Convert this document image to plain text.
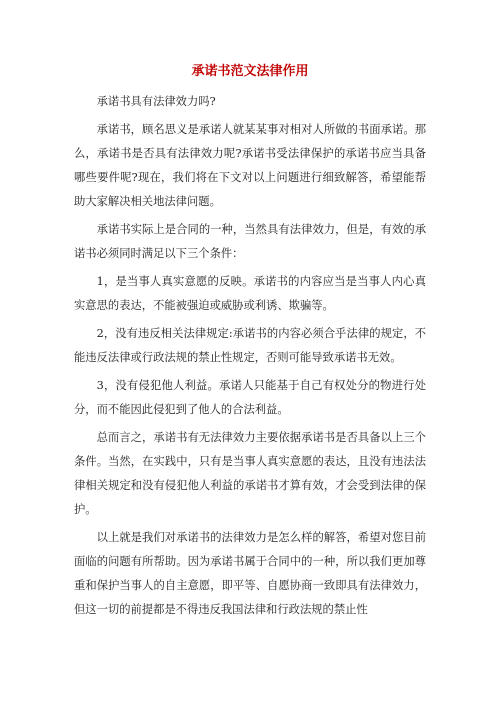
承诺书范文法律作用

承诺书具有法律效力吗?

承诺书，顾名思义是承诺人就某某事对相对人所做的书面承诺。那么，承诺书是否具有法律效力呢?承诺书受法律保护的承诺书应当具备哪些要件呢?现在，我们将在下文对以上问题进行细致解答，希望能帮助大家解决相关地法律问题。

承诺书实际上是合同的一种，当然具有法律效力，但是，有效的承诺书必须同时满足以下三个条件：

1，是当事人真实意愿的反映。承诺书的内容应当是当事人内心真实意思的表达，不能被强迫或威胁或利诱、欺骗等。

2，没有违反相关法律规定:承诺书的内容必须合乎法律的规定，不能违反法律或行政法规的禁止性规定，否则可能导致承诺书无效。

3，没有侵犯他人利益。承诺人只能基于自己有权处分的物进行处分，而不能因此侵犯到了他人的合法利益。

总而言之，承诺书有无法律效力主要依据承诺书是否具备以上三个条件。当然，在实践中，只有是当事人真实意愿的表达，且没有违法法律相关规定和没有侵犯他人利益的承诺书才算有效，才会受到法律的保护。

以上就是我们对承诺书的法律效力是怎么样的解答，希望对您目前面临的问题有所帮助。因为承诺书属于合同中的一种，所以我们更加尊重和保护当事人的自主意愿，即平等、自愿协商一致即具有法律效力，但这一切的前提都是不得违反我国法律和行政法规的禁止性
